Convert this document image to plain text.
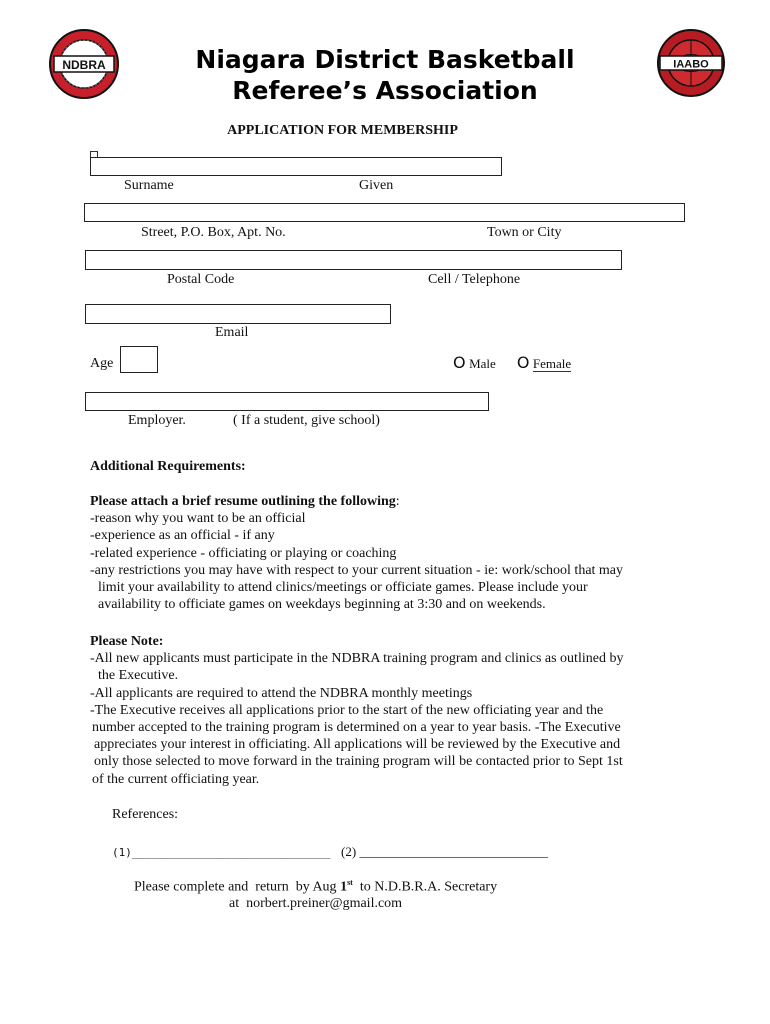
NDBRA	IAABO
Niagara District Basketball
Referee’s Association
APPLICATION FOR MEMBERSHIP
Surname	Given
Street, P.O. Box, Apt. No.	Town or City
Postal Code	Cell / Telephone
Email
Age	O Male O Female
Employer.	( If a student, give school)
Additional Requirements:

Please attach a brief resume outlining the following:

-reason why you want to be an official

-experience as an official - if any

-related experience - officiating or playing or coaching

-any restrictions you may have with respect to your current situation - ie: work/school that may

limit your availability to attend clinics/meetings or officiate games. Please include your

availability to officiate games on weekdays beginning at 3:30 and on weekends.

Please Note:

-All new applicants must participate in the NDBRA training program and clinics as outlined by

the Executive.

-All applicants are required to attend the NDBRA monthly meetings

-The Executive receives all applications prior to the start of the new officiating year and the

number accepted to the training program is determined on a year to year basis. -The Executive

appreciates your interest in officiating. All applications will be reviewed by the Executive and

only those selected to move forward in the training program will be contacted prior to Sept 1st

of the current officiating year.

References:
(1)______________________________ (2) _____________________________
Please complete and  return  by Aug 1st  to N.D.B.R.A. Secretary
at  norbert.preiner@gmail.com
